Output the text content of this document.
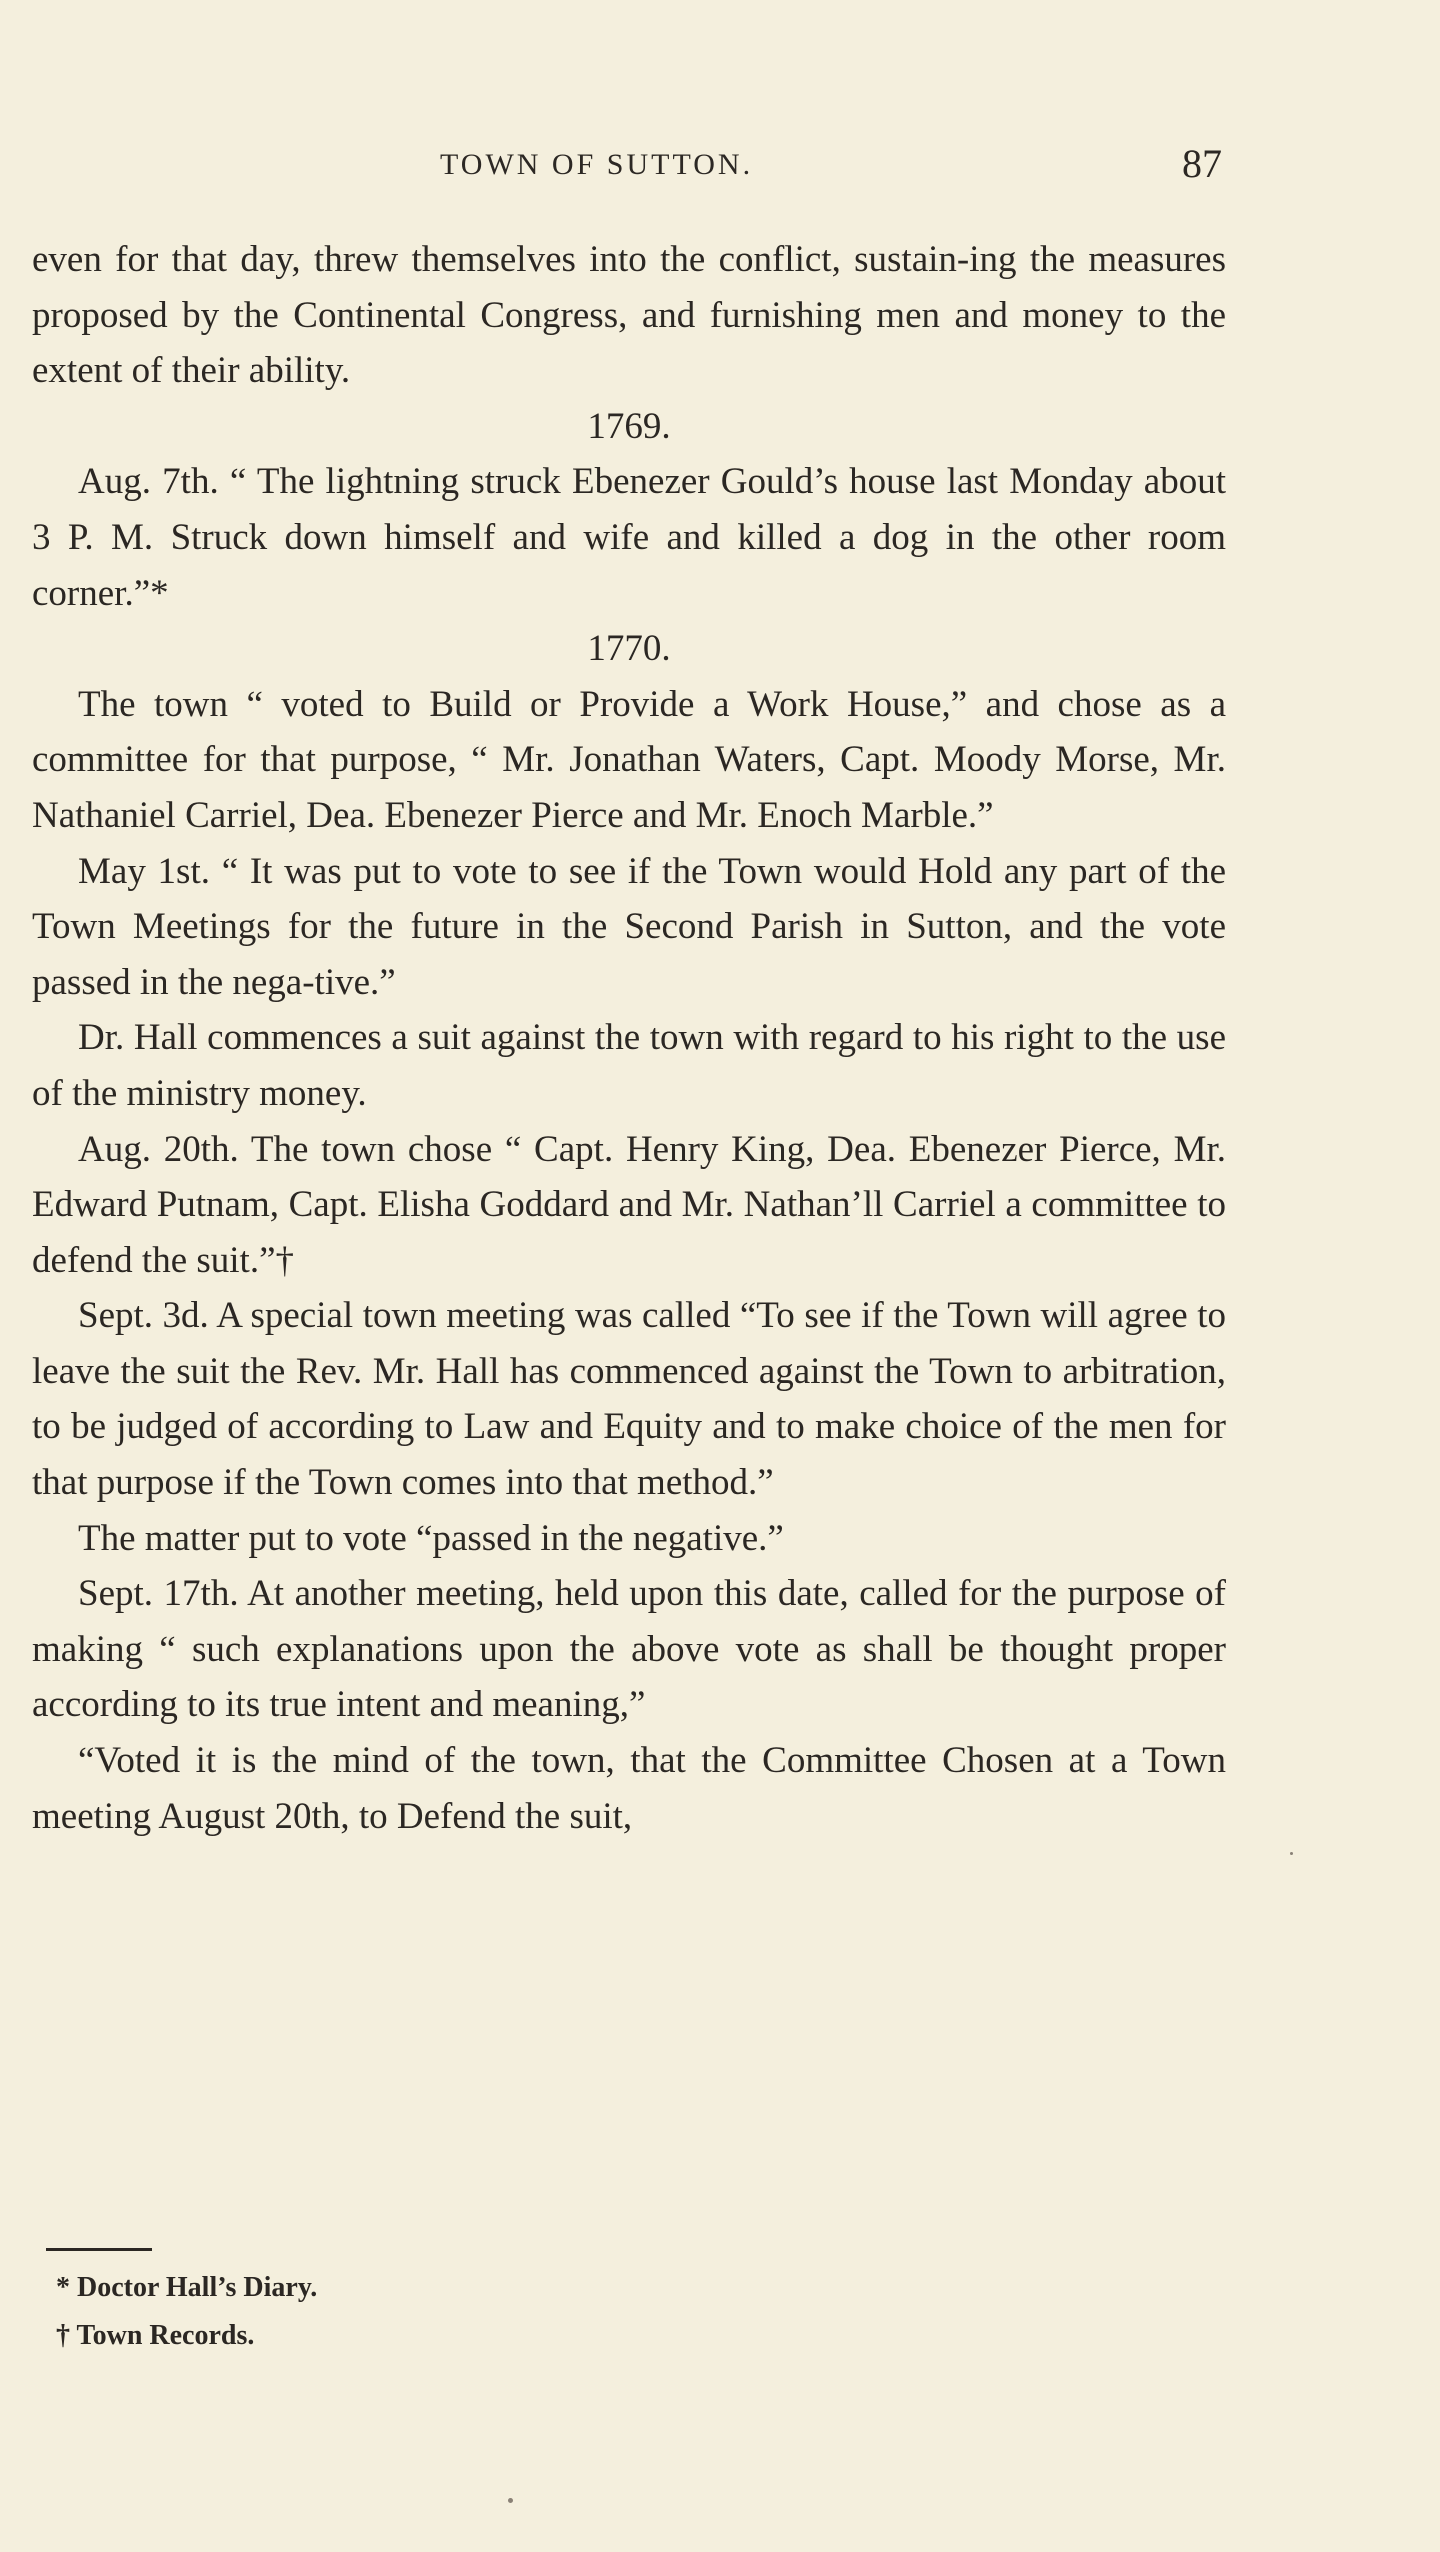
TOWN OF SUTTON.	87

even for that day, threw themselves into the conflict, sustain-ing the measures proposed by the Continental Congress, and furnishing men and money to the extent of their ability.

1769.

Aug. 7th. “ The lightning struck Ebenezer Gould’s house last Monday about 3 P. M. Struck down himself and wife and killed a dog in the other room corner.”*

1770.

The town “ voted to Build or Provide a Work House,” and chose as a committee for that purpose, “ Mr. Jonathan Waters, Capt. Moody Morse, Mr. Nathaniel Carriel, Dea. Ebenezer Pierce and Mr. Enoch Marble.”

May 1st. “ It was put to vote to see if the Town would Hold any part of the Town Meetings for the future in the Second Parish in Sutton, and the vote passed in the nega-tive.”

Dr. Hall commences a suit against the town with regard to his right to the use of the ministry money.

Aug. 20th. The town chose “ Capt. Henry King, Dea. Ebenezer Pierce, Mr. Edward Putnam, Capt. Elisha Goddard and Mr. Nathan’ll Carriel a committee to defend the suit.”†

Sept. 3d. A special town meeting was called “To see if the Town will agree to leave the suit the Rev. Mr. Hall has commenced against the Town to arbitration, to be judged of according to Law and Equity and to make choice of the men for that purpose if the Town comes into that method.”

The matter put to vote “passed in the negative.”

Sept. 17th. At another meeting, held upon this date, called for the purpose of making “ such explanations upon the above vote as shall be thought proper according to its true intent and meaning,”

“Voted it is the mind of the town, that the Committee Chosen at a Town meeting August 20th, to Defend the suit,

* Doctor Hall’s Diary.

† Town Records.
